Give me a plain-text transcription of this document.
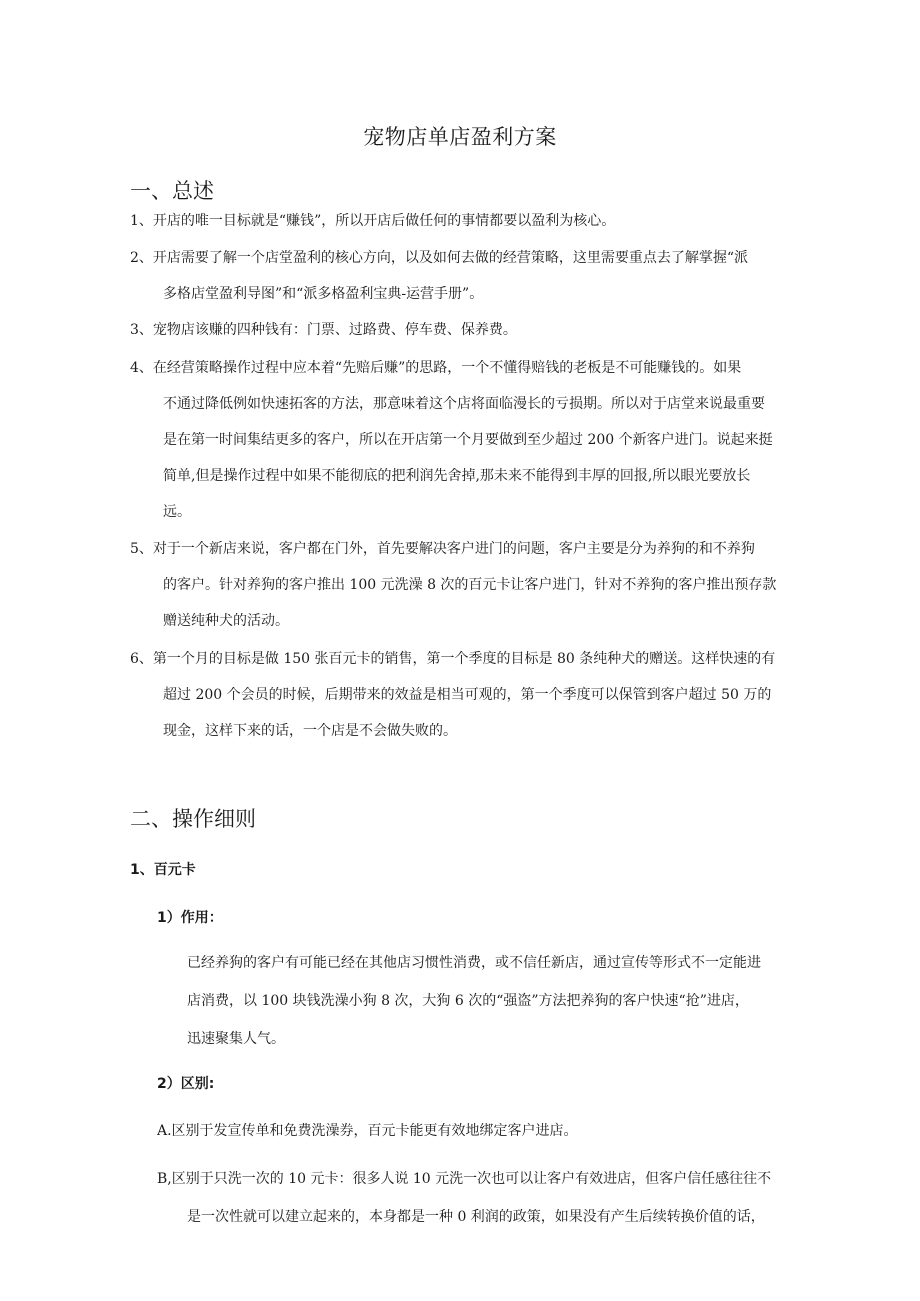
宠物店单店盈利方案
一、总述
1、开店的唯一目标就是“赚钱”，所以开店后做任何的事情都要以盈利为核心。
2、开店需要了解一个店堂盈利的核心方向，以及如何去做的经营策略，这里需要重点去了解掌握“派
多格店堂盈利导图”和“派多格盈利宝典-运营手册”。
3、宠物店该赚的四种钱有：门票、过路费、停车费、保养费。
4、在经营策略操作过程中应本着“先赔后赚”的思路，一个不懂得赔钱的老板是不可能赚钱的。如果
不通过降低例如快速拓客的方法，那意味着这个店将面临漫长的亏损期。所以对于店堂来说最重要
是在第一时间集结更多的客户，所以在开店第一个月要做到至少超过 200 个新客户进门。说起来挺
简单,但是操作过程中如果不能彻底的把利润先舍掉,那未来不能得到丰厚的回报,所以眼光要放长
远。
5、对于一个新店来说，客户都在门外，首先要解决客户进门的问题，客户主要是分为养狗的和不养狗
的客户。针对养狗的客户推出 100 元洗澡 8 次的百元卡让客户进门，针对不养狗的客户推出预存款
赠送纯种犬的活动。
6、第一个月的目标是做 150 张百元卡的销售，第一个季度的目标是 80 条纯种犬的赠送。这样快速的有
超过 200 个会员的时候，后期带来的效益是相当可观的，第一个季度可以保管到客户超过 50 万的
现金，这样下来的话，一个店是不会做失败的。
二、操作细则
1、百元卡
1）作用：
已经养狗的客户有可能已经在其他店习惯性消费，或不信任新店，通过宣传等形式不一定能进
店消费，以 100 块钱洗澡小狗 8 次，大狗 6 次的“强盗”方法把养狗的客户快速“抢”进店，
迅速聚集人气。
2）区别:
A.区别于发宣传单和免费洗澡券，百元卡能更有效地绑定客户进店。
B,区别于只洗一次的 10 元卡：很多人说 10 元洗一次也可以让客户有效进店，但客户信任感往往不
是一次性就可以建立起来的，本身都是一种 0 利润的政策，如果没有产生后续转换价值的话，
